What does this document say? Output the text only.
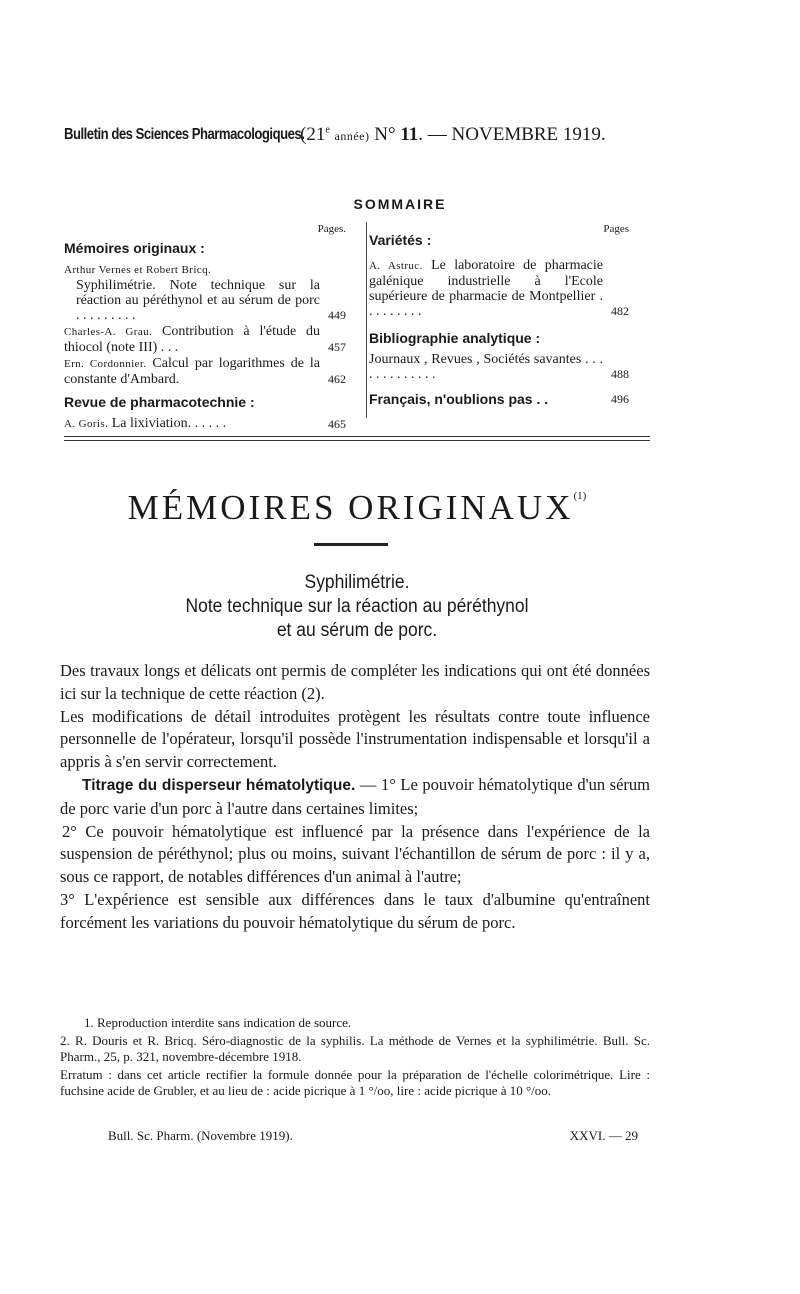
Bulletin des Sciences Pharmacologiques.
(21e année) N° 11. — NOVEMBRE 1919.
SOMMAIRE
Pages.
Mémoires originaux :
Arthur Vernes et Robert Bricq.
Syphilimétrie. Note technique sur la réaction au péréthynol et au sérum de porc . . . . . . . . .	449
Charles-A. Grau. Contribution à l'étude du thiocol (note III) . . .	457
Ern. Cordonnier. Calcul par logarithmes de la constante d'Ambard.	462
Revue de pharmacotechnie :
A. Goris. La lixiviation. . . . . .	465
Pages
Variétés :
A. Astruc. Le laboratoire de pharmacie galénique industrielle à l'Ecole supérieure de pharmacie de Montpellier . . . . . . . . .	482
Bibliographie analytique :
Journaux , Revues , Sociétés savantes . . . . . . . . . . . . .	488
Français, n'oublions pas . .	496
MÉMOIRES ORIGINAUX$^{(1)}$
Syphilimétrie.
Note technique sur la réaction au péréthynol
et au sérum de porc.

Des travaux longs et délicats ont permis de compléter les indications qui ont été données ici sur la technique de cette réaction (2).

Les modifications de détail introduites protègent les résultats contre toute influence personnelle de l'opérateur, lorsqu'il possède l'instrumentation indispensable et lorsqu'il a appris à s'en servir correctement.

Titrage du disperseur hématolytique. — 1° Le pouvoir hématolytique d'un sérum de porc varie d'un porc à l'autre dans certaines limites;

2° Ce pouvoir hématolytique est influencé par la présence dans l'expérience de la suspension de péréthynol; plus ou moins, suivant l'échantillon de sérum de porc : il y a, sous ce rapport, de notables différences d'un animal à l'autre;

3° L'expérience est sensible aux différences dans le taux d'albumine qu'entraînent forcément les variations du pouvoir hématolytique du sérum de porc.

1. Reproduction interdite sans indication de source.

2. R. Douris et R. Bricq. Séro-diagnostic de la syphilis. La méthode de Vernes et la syphilimétrie. Bull. Sc. Pharm., 25, p. 321, novembre-décembre 1918.

Erratum : dans cet article rectifier la formule donnée pour la préparation de l'échelle colorimétrique. Lire : fuchsine acide de Grubler, et au lieu de : acide picrique à 1 °/oo, lire : acide picrique à 10 °/oo.

Bull. Sc. Pharm. (Novembre 1919).	XXVI. — 29
